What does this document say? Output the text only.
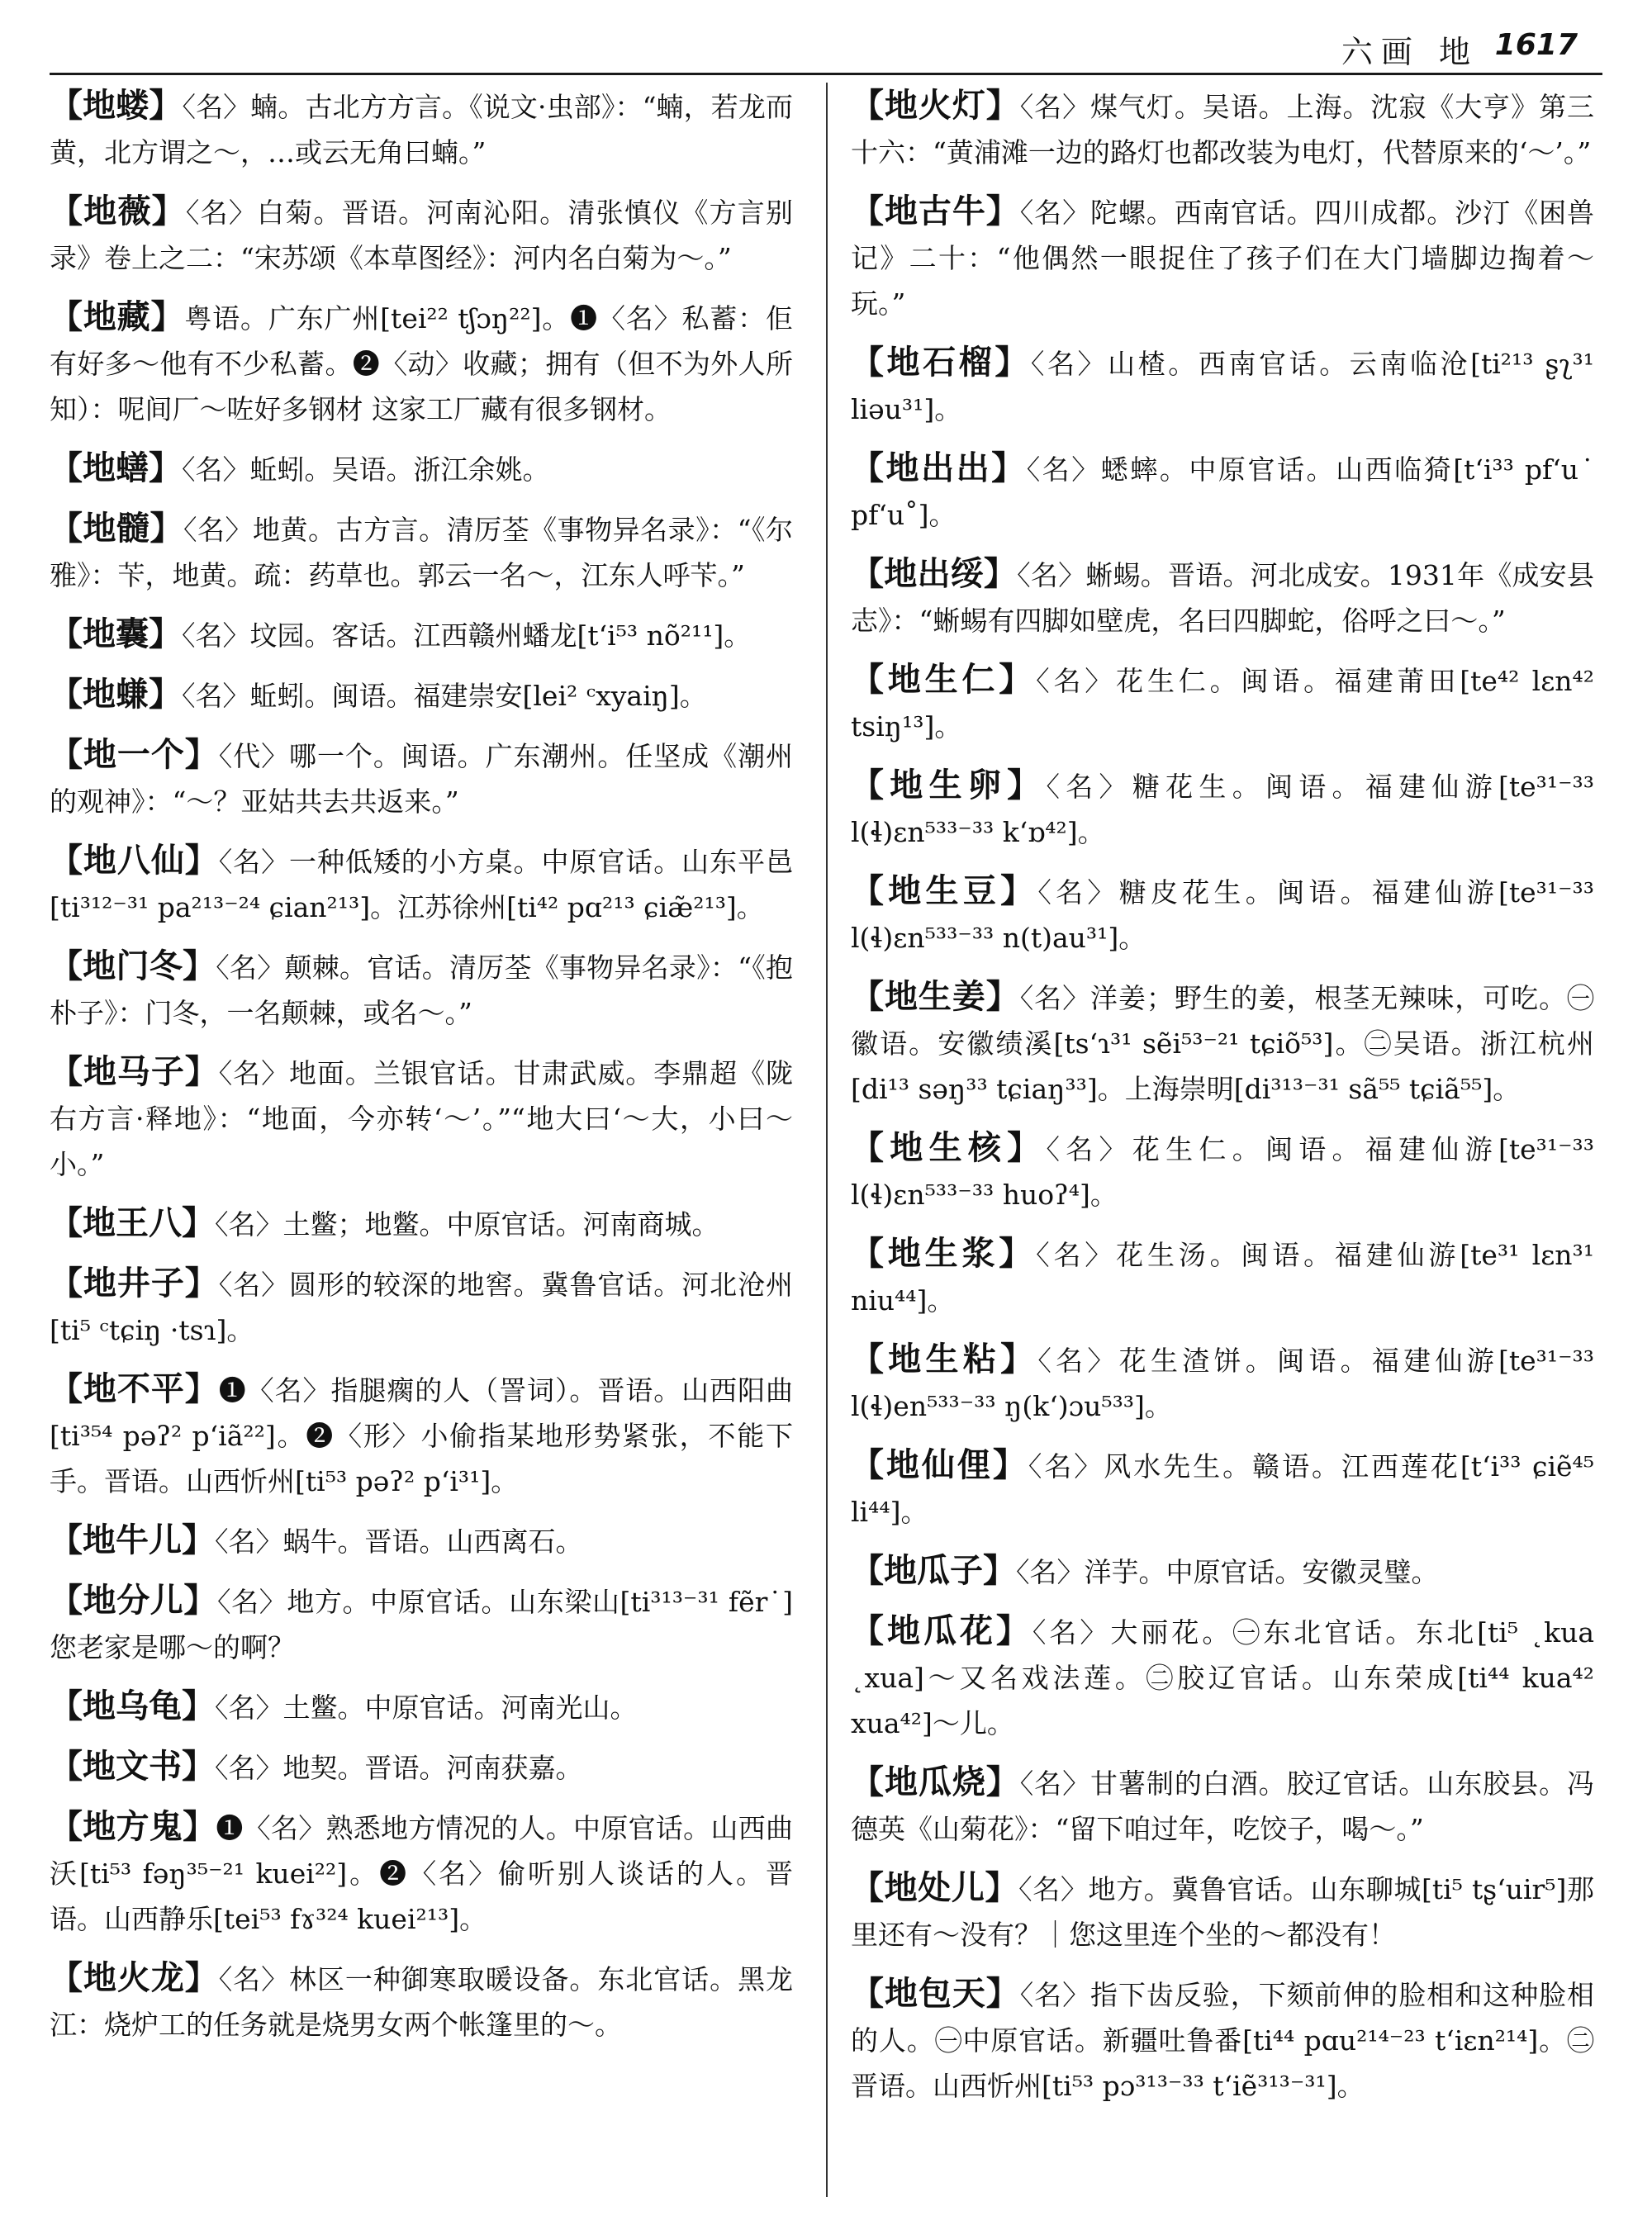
六画 地 1617

【地蝼】〈名〉蝻。古北方方言。《说文·虫部》：“蝻，若龙而黄，北方谓之～，…或云无角曰蝻。”

【地薇】〈名〉白菊。晋语。河南沁阳。清张慎仪《方言别录》卷上之二：“宋苏颂《本草图经》：河内名白菊为～。”

【地藏】粤语。广东广州[tei²² tʃɔŋ²²]。❶〈名〉私蓄：佢有好多～他有不少私蓄。❷〈动〉收藏；拥有（但不为外人所知）：呢间厂～咗好多钢材 这家工厂藏有很多钢材。

【地蟮】〈名〉蚯蚓。吴语。浙江余姚。

【地髓】〈名〉地黄。古方言。清厉荃《事物异名录》：“《尔雅》：苄，地黄。疏：药草也。郭云一名～，江东人呼苄。”

【地囊】〈名〉坟园。客话。江西赣州蟠龙[t‘i⁵³ nõ²¹¹]。

【地螊】〈名〉蚯蚓。闽语。福建崇安[lei² ᶜxyaiŋ]。

【地一个】〈代〉哪一个。闽语。广东潮州。任坚成《潮州的观神》：“～？亚姑共去共返来。”

【地八仙】〈名〉一种低矮的小方桌。中原官话。山东平邑[ti³¹²⁻³¹ pa²¹³⁻²⁴ ɕian²¹³]。江苏徐州[ti⁴² pɑ²¹³ ɕiæ̃²¹³]。

【地门冬】〈名〉颠棘。官话。清厉荃《事物异名录》：“《抱朴子》：门冬，一名颠棘，或名～。”

【地马子】〈名〉地面。兰银官话。甘肃武威。李鼎超《陇右方言·释地》：“地面，今亦转‘～’。”“地大曰‘～大，小曰～小。”

【地王八】〈名〉土鳖；地鳖。中原官话。河南商城。

【地井子】〈名〉圆形的较深的地窖。冀鲁官话。河北沧州[ti⁵ ᶜtɕiŋ ·tsɿ]。

【地不平】❶〈名〉指腿瘸的人（詈词）。晋语。山西阳曲[ti³⁵⁴ pəʔ² p‘iã²²]。❷〈形〉小偷指某地形势紧张，不能下手。晋语。山西忻州[ti⁵³ pəʔ² p‘i³¹]。

【地牛儿】〈名〉蜗牛。晋语。山西离石。

【地分儿】〈名〉地方。中原官话。山东梁山[ti³¹³⁻³¹ fẽr˙] 您老家是哪～的啊？

【地乌龟】〈名〉土鳖。中原官话。河南光山。

【地文书】〈名〉地契。晋语。河南获嘉。

【地方鬼】❶〈名〉熟悉地方情况的人。中原官话。山西曲沃[ti⁵³ fəŋ³⁵⁻²¹ kuei²²]。❷〈名〉偷听别人谈话的人。晋语。山西静乐[tei⁵³ fɤ³²⁴ kuei²¹³]。

【地火龙】〈名〉林区一种御寒取暖设备。东北官话。黑龙江：烧炉工的任务就是烧男女两个帐篷里的～。

【地火灯】〈名〉煤气灯。吴语。上海。沈寂《大亨》第三十六：“黄浦滩一边的路灯也都改装为电灯，代替原来的‘～’。”

【地古牛】〈名〉陀螺。西南官话。四川成都。沙汀《困兽记》二十：“他偶然一眼捉住了孩子们在大门墙脚边掏着～玩。”

【地石榴】〈名〉山楂。西南官话。云南临沧[ti²¹³ ʂʅ³¹ liəu³¹]。

【地出出】〈名〉蟋蟀。中原官话。山西临猗[t‘i³³ pf‘u˙ pf‘u˚]。

【地出绥】〈名〉蜥蜴。晋语。河北成安。1931年《成安县志》：“蜥蜴有四脚如壁虎，名曰四脚蛇，俗呼之曰～。”

【地生仁】〈名〉花生仁。闽语。福建莆田[te⁴² lɛn⁴² tsiŋ¹³]。

【地生卵】〈名〉糖花生。闽语。福建仙游[te³¹⁻³³ l(ɬ)ɛn⁵³³⁻³³ k‘ɒ⁴²]。

【地生豆】〈名〉糖皮花生。闽语。福建仙游[te³¹⁻³³ l(ɬ)ɛn⁵³³⁻³³ n(t)au³¹]。

【地生姜】〈名〉洋姜；野生的姜，根茎无辣味，可吃。㊀徽语。安徽绩溪[ts‘ɿ³¹ sẽi⁵³⁻²¹ tɕiõ⁵³]。㊁吴语。浙江杭州[di¹³ səŋ³³ tɕiaŋ³³]。上海崇明[di³¹³⁻³¹ sã⁵⁵ tɕiã⁵⁵]。

【地生核】〈名〉花生仁。闽语。福建仙游[te³¹⁻³³ l(ɬ)ɛn⁵³³⁻³³ huoʔ⁴]。

【地生浆】〈名〉花生汤。闽语。福建仙游[te³¹ lɛn³¹ niu⁴⁴]。

【地生粘】〈名〉花生渣饼。闽语。福建仙游[te³¹⁻³³ l(ɬ)en⁵³³⁻³³ ŋ(k‘)ɔu⁵³³]。

【地仙俚】〈名〉风水先生。赣语。江西莲花[t‘i³³ ɕiẽ⁴⁵ li⁴⁴]。

【地瓜子】〈名〉洋芋。中原官话。安徽灵璧。

【地瓜花】〈名〉大丽花。㊀东北官话。东北[ti⁵ ˛kua ˛xua]～又名戏法莲。㊁胶辽官话。山东荣成[ti⁴⁴ kua⁴² xua⁴²]～儿。

【地瓜烧】〈名〉甘薯制的白酒。胶辽官话。山东胶县。冯德英《山菊花》：“留下咱过年，吃饺子，喝～。”

【地处儿】〈名〉地方。冀鲁官话。山东聊城[ti⁵ tʂ‘uir⁵]那里还有～没有？｜您这里连个坐的～都没有！

【地包天】〈名〉指下齿反验，下颏前伸的脸相和这种脸相的人。㊀中原官话。新疆吐鲁番[ti⁴⁴ pɑu²¹⁴⁻²³ t‘iɛn²¹⁴]。㊁晋语。山西忻州[ti⁵³ pɔ³¹³⁻³³ t‘iẽ³¹³⁻³¹]。
